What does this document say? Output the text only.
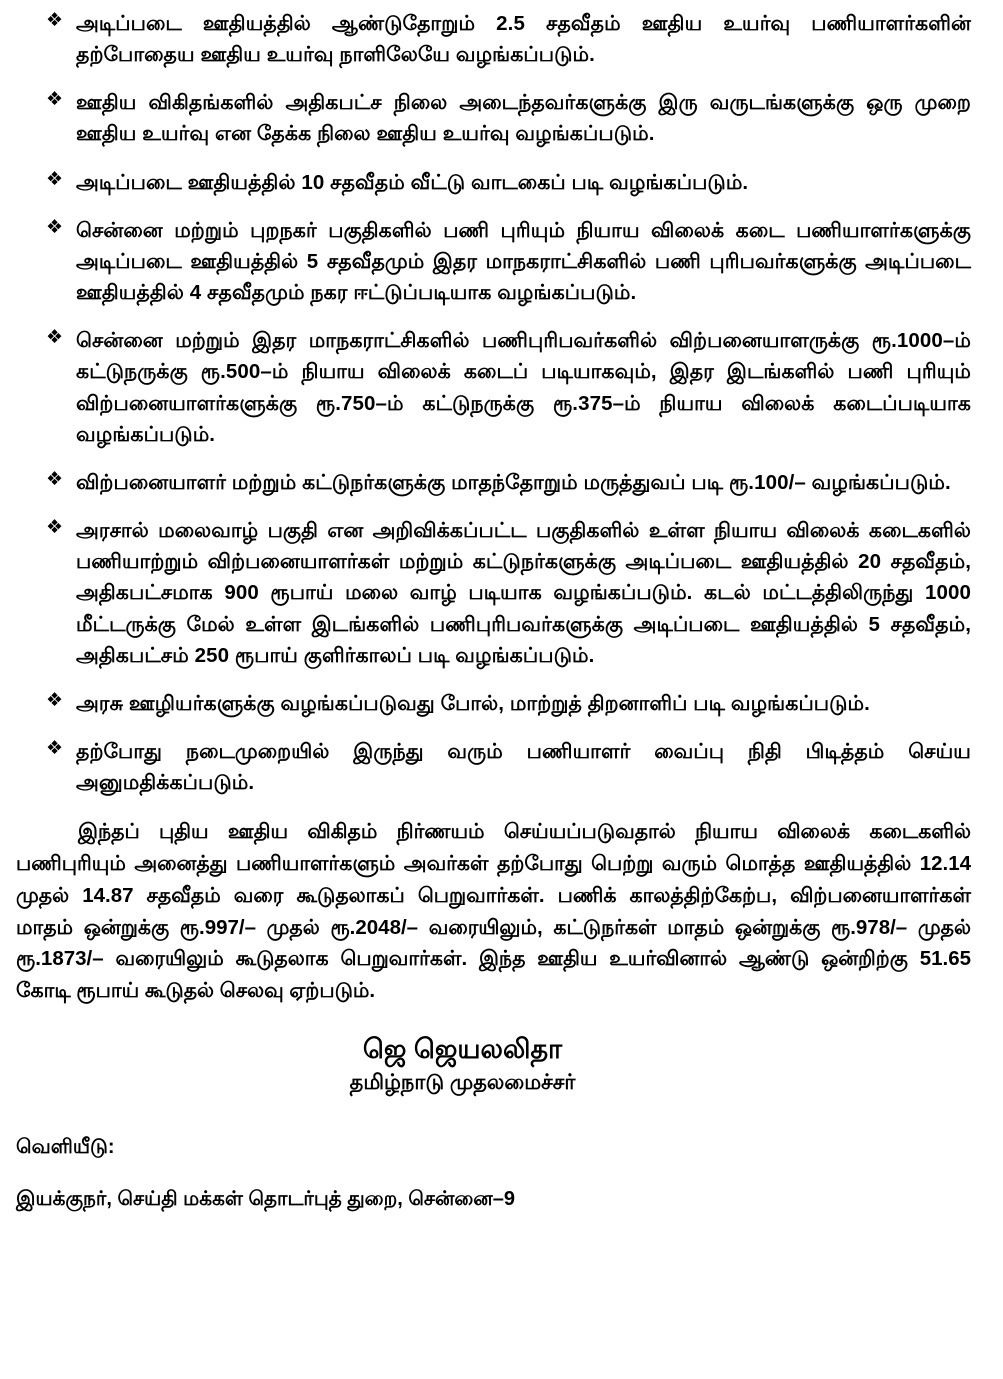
❖ அடிப்படை ஊதியத்தில் ஆண்டுதோறும் 2.5 சதவீதம் ஊதிய உயர்வு பணியாளர்களின் தற்போதைய ஊதிய உயர்வு நாளிலேயே வழங்கப்படும்.
❖ ஊதிய விகிதங்களில் அதிகபட்ச நிலை அடைந்தவர்களுக்கு இரு வருடங்களுக்கு ஒரு முறை ஊதிய உயர்வு என தேக்க நிலை ஊதிய உயர்வு வழங்கப்படும்.
❖ அடிப்படை ஊதியத்தில் 10 சதவீதம் வீட்டு வாடகைப் படி வழங்கப்படும்.
❖ சென்னை மற்றும் புறநகர் பகுதிகளில் பணி புரியும் நியாய விலைக் கடை பணியாளர்களுக்கு அடிப்படை ஊதியத்தில் 5 சதவீதமும் இதர மாநகராட்சிகளில் பணி புரிபவர்களுக்கு அடிப்படை ஊதியத்தில் 4 சதவீதமும் நகர ஈட்டுப்படியாக வழங்கப்படும்.
❖ சென்னை மற்றும் இதர மாநகராட்சிகளில் பணிபுரிபவர்களில் விற்பனையாளருக்கு ரூ.1000–ம் கட்டுநருக்கு ரூ.500–ம் நியாய விலைக் கடைப் படியாகவும், இதர இடங்களில் பணி புரியும் விற்பனையாளர்களுக்கு ரூ.750–ம் கட்டுநருக்கு ரூ.375–ம் நியாய விலைக் கடைப்படியாக வழங்கப்படும்.
❖ விற்பனையாளர் மற்றும் கட்டுநர்களுக்கு மாதந்தோறும் மருத்துவப் படி ரூ.100/– வழங்கப்படும்.
❖ அரசால் மலைவாழ் பகுதி என அறிவிக்கப்பட்ட பகுதிகளில் உள்ள நியாய விலைக் கடைகளில் பணியாற்றும் விற்பனையாளர்கள் மற்றும் கட்டுநர்களுக்கு அடிப்படை ஊதியத்தில் 20 சதவீதம், அதிகபட்சமாக 900 ரூபாய் மலை வாழ் படியாக வழங்கப்படும். கடல் மட்டத்திலிருந்து 1000 மீட்டருக்கு மேல் உள்ள இடங்களில் பணிபுரிபவர்களுக்கு அடிப்படை ஊதியத்தில் 5 சதவீதம், அதிகபட்சம் 250 ரூபாய் குளிர்காலப் படி வழங்கப்படும்.
❖ அரசு ஊழியர்களுக்கு வழங்கப்படுவது போல், மாற்றுத் திறனாளிப் படி வழங்கப்படும்.
❖ தற்போது நடைமுறையில் இருந்து வரும் பணியாளர் வைப்பு நிதி பிடித்தம் செய்ய அனுமதிக்கப்படும்.

இந்தப் புதிய ஊதிய விகிதம் நிர்ணயம் செய்யப்படுவதால் நியாய விலைக் கடைகளில் பணிபுரியும் அனைத்து பணியாளர்களும் அவர்கள் தற்போது பெற்று வரும் மொத்த ஊதியத்தில் 12.14 முதல் 14.87 சதவீதம் வரை கூடுதலாகப் பெறுவார்கள். பணிக் காலத்திற்கேற்ப, விற்பனையாளர்கள் மாதம் ஒன்றுக்கு ரூ.997/– முதல் ரூ.2048/– வரையிலும், கட்டுநர்கள் மாதம் ஒன்றுக்கு ரூ.978/– முதல் ரூ.1873/– வரையிலும் கூடுதலாக பெறுவார்கள். இந்த ஊதிய உயர்வினால் ஆண்டு ஒன்றிற்கு 51.65 கோடி ரூபாய் கூடுதல் செலவு ஏற்படும்.

ஜெ ஜெயலலிதா
தமிழ்நாடு முதலமைச்சர்
வெளியீடு:
இயக்குநர், செய்தி மக்கள் தொடர்புத் துறை, சென்னை–9
